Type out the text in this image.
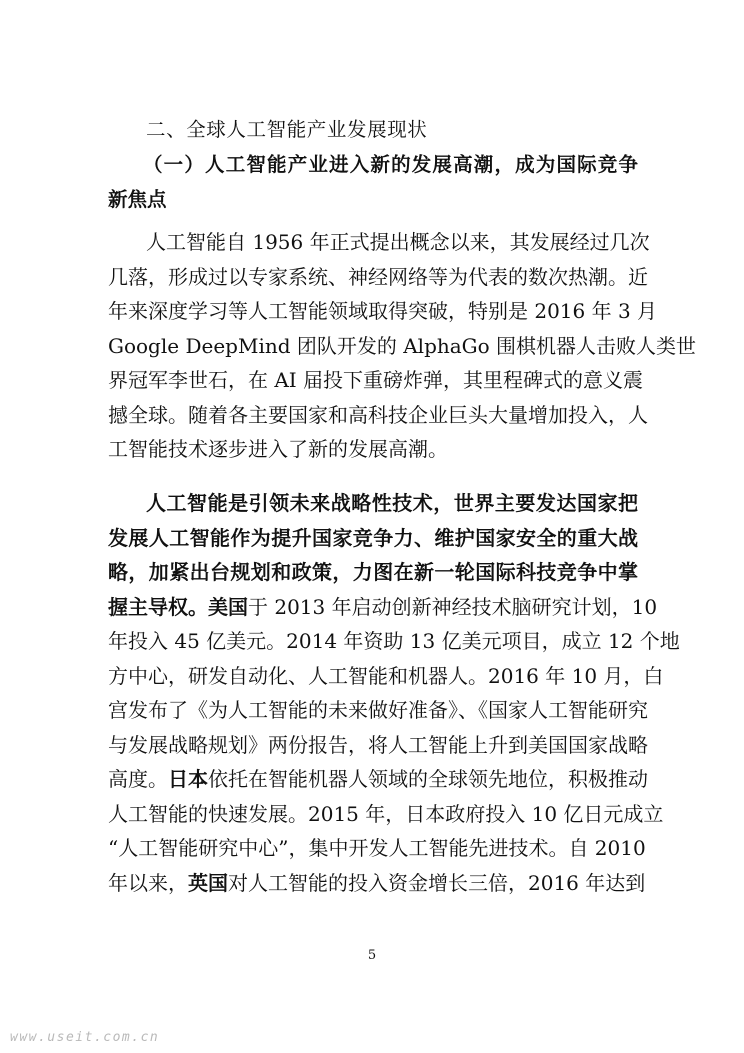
二、全球人工智能产业发展现状
（一）人工智能产业进入新的发展高潮，成为国际竞争
新焦点
人工智能自 1956 年正式提出概念以来，其发展经过几次
几落，形成过以专家系统、神经网络等为代表的数次热潮。近
年来深度学习等人工智能领域取得突破，特别是 2016 年 3 月
Google DeepMind 团队开发的 AlphaGo 围棋机器人击败人类世
界冠军李世石，在 AI 届投下重磅炸弹，其里程碑式的意义震
撼全球。随着各主要国家和高科技企业巨头大量增加投入，人
工智能技术逐步进入了新的发展高潮。
人工智能是引领未来战略性技术，世界主要发达国家把
发展人工智能作为提升国家竞争力、维护国家安全的重大战
略，加紧出台规划和政策，力图在新一轮国际科技竞争中掌
握主导权。美国于 2013 年启动创新神经技术脑研究计划，10
年投入 45 亿美元。2014 年资助 13 亿美元项目，成立 12 个地
方中心，研发自动化、人工智能和机器人。2016 年 10 月，白
宫发布了《为人工智能的未来做好准备》、《国家人工智能研究
与发展战略规划》两份报告，将人工智能上升到美国国家战略
高度。日本依托在智能机器人领域的全球领先地位，积极推动
人工智能的快速发展。2015 年，日本政府投入 10 亿日元成立
“人工智能研究中心”，集中开发人工智能先进技术。自 2010
年以来，英国对人工智能的投入资金增长三倍，2016 年达到
5
www.useit.com.cn
